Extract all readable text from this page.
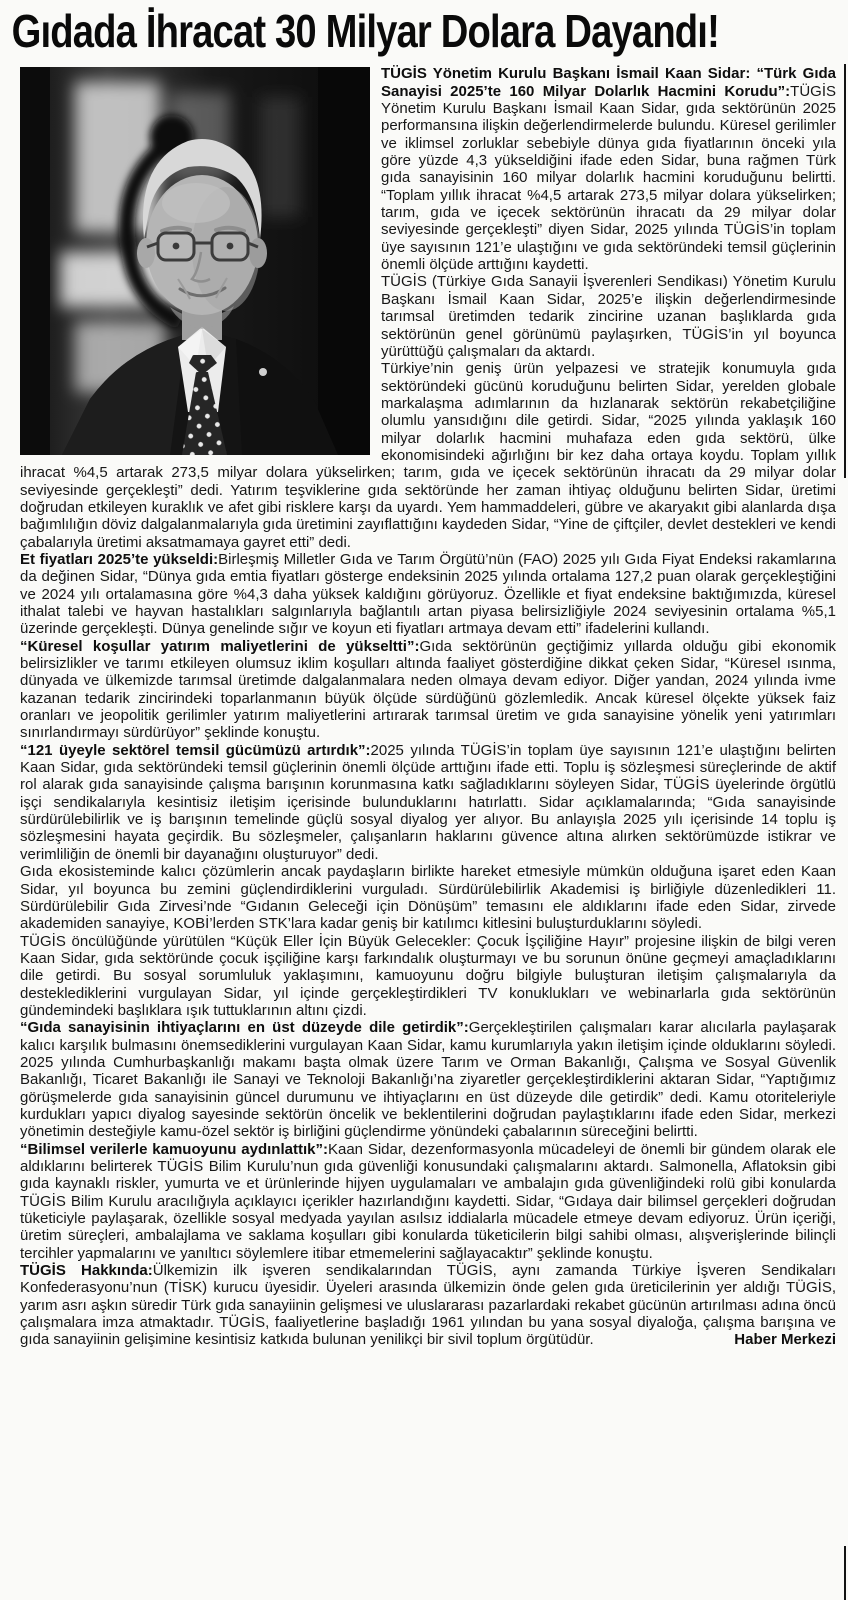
Gıdada İhracat 30 Milyar Dolara Dayandı!

TÜGİS Yönetim Kurulu Başkanı İsmail Kaan Sidar: “Türk Gıda Sanayisi 2025’te 160 Milyar Dolarlık Hacmini Korudu”:TÜGİS Yönetim Kurulu Başkanı İsmail Kaan Sidar, gıda sektörünün 2025 performansına ilişkin değerlendirmelerde bulundu. Küresel gerilimler ve iklimsel zorluklar sebebiyle dünya gıda fiyatlarının önceki yıla göre yüzde 4,3 yükseldiğini ifade eden Sidar, buna rağmen Türk gıda sanayisinin 160 milyar dolarlık hacmini koruduğunu belirtti. “Toplam yıllık ihracat %4,5 artarak 273,5 milyar dolara yükselirken; tarım, gıda ve içecek sektörünün ihracatı da 29 milyar dolar seviyesinde gerçekleşti” diyen Sidar, 2025 yılında TÜGİS’in toplam üye sayısının 121’e ulaştığını ve gıda sektöründeki temsil güçlerinin önemli ölçüde arttığını kaydetti.

TÜGİS (Türkiye Gıda Sanayii İşverenleri Sendikası) Yönetim Kurulu Başkanı İsmail Kaan Sidar, 2025’e ilişkin değerlendirmesinde tarımsal üretimden tedarik zincirine uzanan başlıklarda gıda sektörünün genel görünümü paylaşırken, TÜGİS’in yıl boyunca yürüttüğü çalışmaları da aktardı.

Türkiye’nin geniş ürün yelpazesi ve stratejik konumuyla gıda sektöründeki gücünü koruduğunu belirten Sidar, yerelden globale markalaşma adımlarının da hızlanarak sektörün rekabetçiliğine olumlu yansıdığını dile getirdi. Sidar, “2025 yılında yaklaşık 160 milyar dolarlık hacmini muhafaza eden gıda sektörü, ülke ekonomisindeki ağırlığını bir kez daha ortaya koydu. Toplam yıllık ihracat %4,5 artarak 273,5 milyar dolara yükselirken; tarım, gıda ve içecek sektörünün ihracatı da 29 milyar dolar seviyesinde gerçekleşti” dedi. Yatırım teşviklerine gıda sektöründe her zaman ihtiyaç olduğunu belirten Sidar, üretimi doğrudan etkileyen kuraklık ve afet gibi risklere karşı da uyardı. Yem hammaddeleri, gübre ve akaryakıt gibi alanlarda dışa bağımlılığın döviz dalgalanmalarıyla gıda üretimini zayıflattığını kaydeden Sidar, “Yine de çiftçiler, devlet destekleri ve kendi çabalarıyla üretimi aksatmamaya gayret etti” dedi.

Et fiyatları 2025’te yükseldi:Birleşmiş Milletler Gıda ve Tarım Örgütü’nün (FAO) 2025 yılı Gıda Fiyat Endeksi rakamlarına da değinen Sidar, “Dünya gıda emtia fiyatları gösterge endeksinin 2025 yılında ortalama 127,2 puan olarak gerçekleştiğini ve 2024 yılı ortalamasına göre %4,3 daha yüksek kaldığını görüyoruz. Özellikle et fiyat endeksine baktığımızda, küresel ithalat talebi ve hayvan hastalıkları salgınlarıyla bağlantılı artan piyasa belirsizliğiyle 2024 seviyesinin ortalama %5,1 üzerinde gerçekleşti. Dünya genelinde sığır ve koyun eti fiyatları artmaya devam etti” ifadelerini kullandı.

“Küresel koşullar yatırım maliyetlerini de yükseltti”:Gıda sektörünün geçtiğimiz yıllarda olduğu gibi ekonomik belirsizlikler ve tarımı etkileyen olumsuz iklim koşulları altında faaliyet gösterdiğine dikkat çeken Sidar, “Küresel ısınma, dünyada ve ülkemizde tarımsal üretimde dalgalanmalara neden olmaya devam ediyor. Diğer yandan, 2024 yılında ivme kazanan tedarik zincirindeki toparlanmanın büyük ölçüde sürdüğünü gözlemledik. Ancak küresel ölçekte yüksek faiz oranları ve jeopolitik gerilimler yatırım maliyetlerini artırarak tarımsal üretim ve gıda sanayisine yönelik yeni yatırımları sınırlandırmayı sürdürüyor” şeklinde konuştu.

“121 üyeyle sektörel temsil gücümüzü artırdık”:2025 yılında TÜGİS’in toplam üye sayısının 121’e ulaştığını belirten Kaan Sidar, gıda sektöründeki temsil güçlerinin önemli ölçüde arttığını ifade etti. Toplu iş sözleşmesi süreçlerinde de aktif rol alarak gıda sanayisinde çalışma barışının korunmasına katkı sağladıklarını söyleyen Sidar, TÜGİS üyelerinde örgütlü işçi sendikalarıyla kesintisiz iletişim içerisinde bulunduklarını hatırlattı. Sidar açıklamalarında; “Gıda sanayisinde sürdürülebilirlik ve iş barışının temelinde güçlü sosyal diyalog yer alıyor. Bu anlayışla 2025 yılı içerisinde 14 toplu iş sözleşmesini hayata geçirdik. Bu sözleşmeler, çalışanların haklarını güvence altına alırken sektörümüzde istikrar ve verimliliğin de önemli bir dayanağını oluşturuyor” dedi.

Gıda ekosisteminde kalıcı çözümlerin ancak paydaşların birlikte hareket etmesiyle mümkün olduğuna işaret eden Kaan Sidar, yıl boyunca bu zemini güçlendirdiklerini vurguladı. Sürdürülebilirlik Akademisi iş birliğiyle düzenledikleri 11. Sürdürülebilir Gıda Zirvesi’nde “Gıdanın Geleceği için Dönüşüm” temasını ele aldıklarını ifade eden Sidar, zirvede akademiden sanayiye, KOBİ’lerden STK’lara kadar geniş bir katılımcı kitlesini buluşturduklarını söyledi.

TÜGİS öncülüğünde yürütülen “Küçük Eller İçin Büyük Gelecekler: Çocuk İşçiliğine Hayır” projesine ilişkin de bilgi veren Kaan Sidar, gıda sektöründe çocuk işçiliğine karşı farkındalık oluşturmayı ve bu sorunun önüne geçmeyi amaçladıklarını dile getirdi. Bu sosyal sorumluluk yaklaşımını, kamuoyunu doğru bilgiyle buluşturan iletişim çalışmalarıyla da desteklediklerini vurgulayan Sidar, yıl içinde gerçekleştirdikleri TV konuklukları ve webinarlarla gıda sektörünün gündemindeki başlıklara ışık tuttuklarının altını çizdi.

“Gıda sanayisinin ihtiyaçlarını en üst düzeyde dile getirdik”:Gerçekleştirilen çalışmaları karar alıcılarla paylaşarak kalıcı karşılık bulmasını önemsediklerini vurgulayan Kaan Sidar, kamu kurumlarıyla yakın iletişim içinde olduklarını söyledi. 2025 yılında Cumhurbaşkanlığı makamı başta olmak üzere Tarım ve Orman Bakanlığı, Çalışma ve Sosyal Güvenlik Bakanlığı, Ticaret Bakanlığı ile Sanayi ve Teknoloji Bakanlığı’na ziyaretler gerçekleştirdiklerini aktaran Sidar, “Yaptığımız görüşmelerde gıda sanayisinin güncel durumunu ve ihtiyaçlarını en üst düzeyde dile getirdik” dedi. Kamu otoriteleriyle kurdukları yapıcı diyalog sayesinde sektörün öncelik ve beklentilerini doğrudan paylaştıklarını ifade eden Sidar, merkezi yönetimin desteğiyle kamu-özel sektör iş birliğini güçlendirme yönündeki çabalarının süreceğini belirtti.

“Bilimsel verilerle kamuoyunu aydınlattık”:Kaan Sidar, dezenformasyonla mücadeleyi de önemli bir gündem olarak ele aldıklarını belirterek TÜGİS Bilim Kurulu’nun gıda güvenliği konusundaki çalışmalarını aktardı. Salmonella, Aflatoksin gibi gıda kaynaklı riskler, yumurta ve et ürünlerinde hijyen uygulamaları ve ambalajın gıda güvenliğindeki rolü gibi konularda TÜGİS Bilim Kurulu aracılığıyla açıklayıcı içerikler hazırlandığını kaydetti. Sidar, “Gıdaya dair bilimsel gerçekleri doğrudan tüketiciyle paylaşarak, özellikle sosyal medyada yayılan asılsız iddialarla mücadele etmeye devam ediyoruz. Ürün içeriği, üretim süreçleri, ambalajlama ve saklama koşulları gibi konularda tüketicilerin bilgi sahibi olması, alışverişlerinde bilinçli tercihler yapmalarını ve yanıltıcı söylemlere itibar etmemelerini sağlayacaktır” şeklinde konuştu.

TÜGİS Hakkında:Ülkemizin ilk işveren sendikalarından TÜGİS, aynı zamanda Türkiye İşveren Sendikaları Konfederasyonu’nun (TİSK) kurucu üyesidir. Üyeleri arasında ülkemizin önde gelen gıda üreticilerinin yer aldığı TÜGİS, yarım asrı aşkın süredir Türk gıda sanayiinin gelişmesi ve uluslararası pazarlardaki rekabet gücünün artırılması adına öncü çalışmalara imza atmaktadır. TÜGİS, faaliyetlerine başladığı 1961 yılından bu yana sosyal diyaloğa, çalışma barışına ve gıda sanayiinin gelişimine kesintisiz katkıda bulunan yenilikçi bir sivil toplum örgütüdür.	Haber Merkezi
